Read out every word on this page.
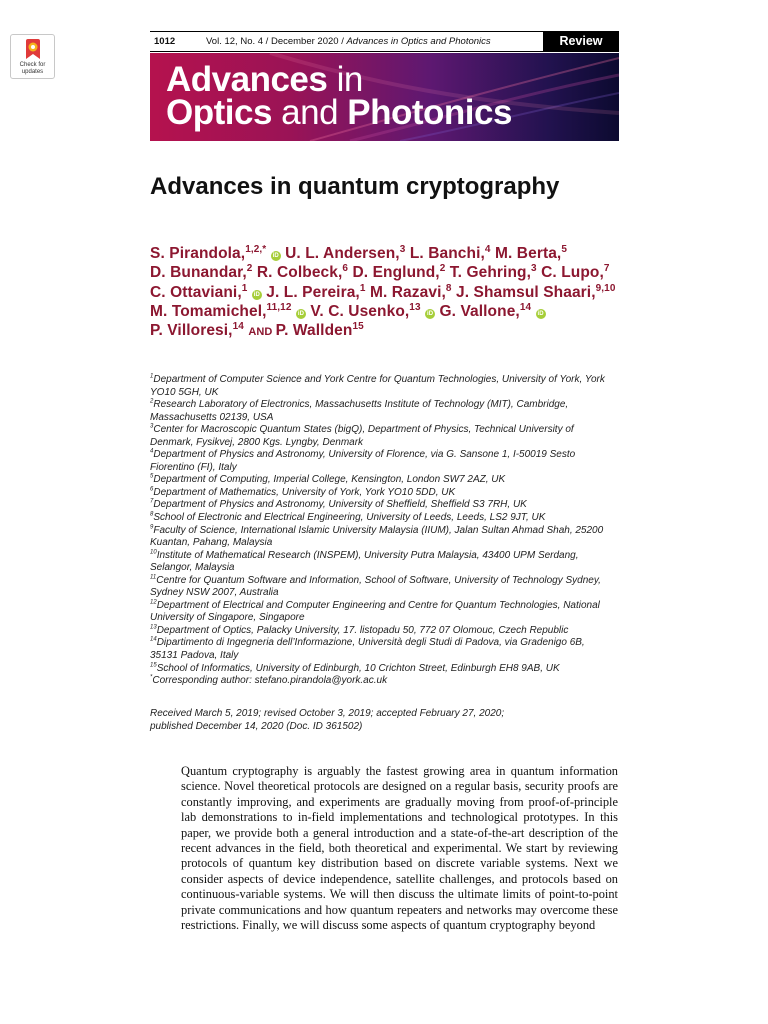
Check for
updates
1012	Vol. 12, No. 4 / December 2020 / Advances in Optics and Photonics	Review
Advances in
Optics and Photonics
Advances in quantum cryptography
S. Pirandola,$^{1,2,*}$ iD U. L. Andersen,$^3$ L. Banchi,$^4$ M. Berta,$^5$ D. Bunandar,$^2$ R. Colbeck,$^6$ D. Englund,$^2$ T. Gehring,$^3$ C. Lupo,$^7$ C. Ottaviani,$^1$ iD J. L. Pereira,$^1$ M. Razavi,$^8$ J. Shamsul Shaari,$^{9,10}$ M. Tomamichel,$^{11,12}$ iD V. C. Usenko,$^{13}$ iD G. Vallone,$^{14}$ iD P. Villoresi,$^{14}$ AND P. Wallden$^{15}$
$^1$Department of Computer Science and York Centre for Quantum Technologies, University of York, York YO10 5GH, UK
$^2$Research Laboratory of Electronics, Massachusetts Institute of Technology (MIT), Cambridge, Massachusetts 02139, USA
$^3$Center for Macroscopic Quantum States (bigQ), Department of Physics, Technical University of Denmark, Fysikvej, 2800 Kgs. Lyngby, Denmark
$^4$Department of Physics and Astronomy, University of Florence, via G. Sansone 1, I-50019 Sesto Fiorentino (FI), Italy
$^5$Department of Computing, Imperial College, Kensington, London SW7 2AZ, UK
$^6$Department of Mathematics, University of York, York YO10 5DD, UK
$^7$Department of Physics and Astronomy, University of Sheffield, Sheffield S3 7RH, UK
$^8$School of Electronic and Electrical Engineering, University of Leeds, Leeds, LS2 9JT, UK
$^9$Faculty of Science, International Islamic University Malaysia (IIUM), Jalan Sultan Ahmad Shah, 25200 Kuantan, Pahang, Malaysia
$^{10}$Institute of Mathematical Research (INSPEM), University Putra Malaysia, 43400 UPM Serdang, Selangor, Malaysia
$^{11}$Centre for Quantum Software and Information, School of Software, University of Technology Sydney, Sydney NSW 2007, Australia
$^{12}$Department of Electrical and Computer Engineering and Centre for Quantum Technologies, National University of Singapore, Singapore
$^{13}$Department of Optics, Palacky University, 17. listopadu 50, 772 07 Olomouc, Czech Republic
$^{14}$Dipartimento di Ingegneria dell’Informazione, Università degli Studi di Padova, via Gradenigo 6B, 35131 Padova, Italy
$^{15}$School of Informatics, University of Edinburgh, 10 Crichton Street, Edinburgh EH8 9AB, UK
*Corresponding author: stefano.pirandola@york.ac.uk
Received March 5, 2019; revised October 3, 2019; accepted February 27, 2020;
published December 14, 2020 (Doc. ID 361502)
Quantum cryptography is arguably the fastest growing area in quantum information science. Novel theoretical protocols are designed on a regular basis, security proofs are constantly improving, and experiments are gradually moving from proof-of-principle lab demonstrations to in-field implementations and technological prototypes. In this paper, we provide both a general introduction and a state-of-the-art description of the recent advances in the field, both theoretical and experimental. We start by reviewing protocols of quantum key distribution based on discrete variable systems. Next we consider aspects of device independence, satellite challenges, and protocols based on continuous-variable systems. We will then discuss the ultimate limits of point-to-point private communications and how quantum repeaters and networks may overcome these restrictions. Finally, we will discuss some aspects of quantum cryptography beyond
